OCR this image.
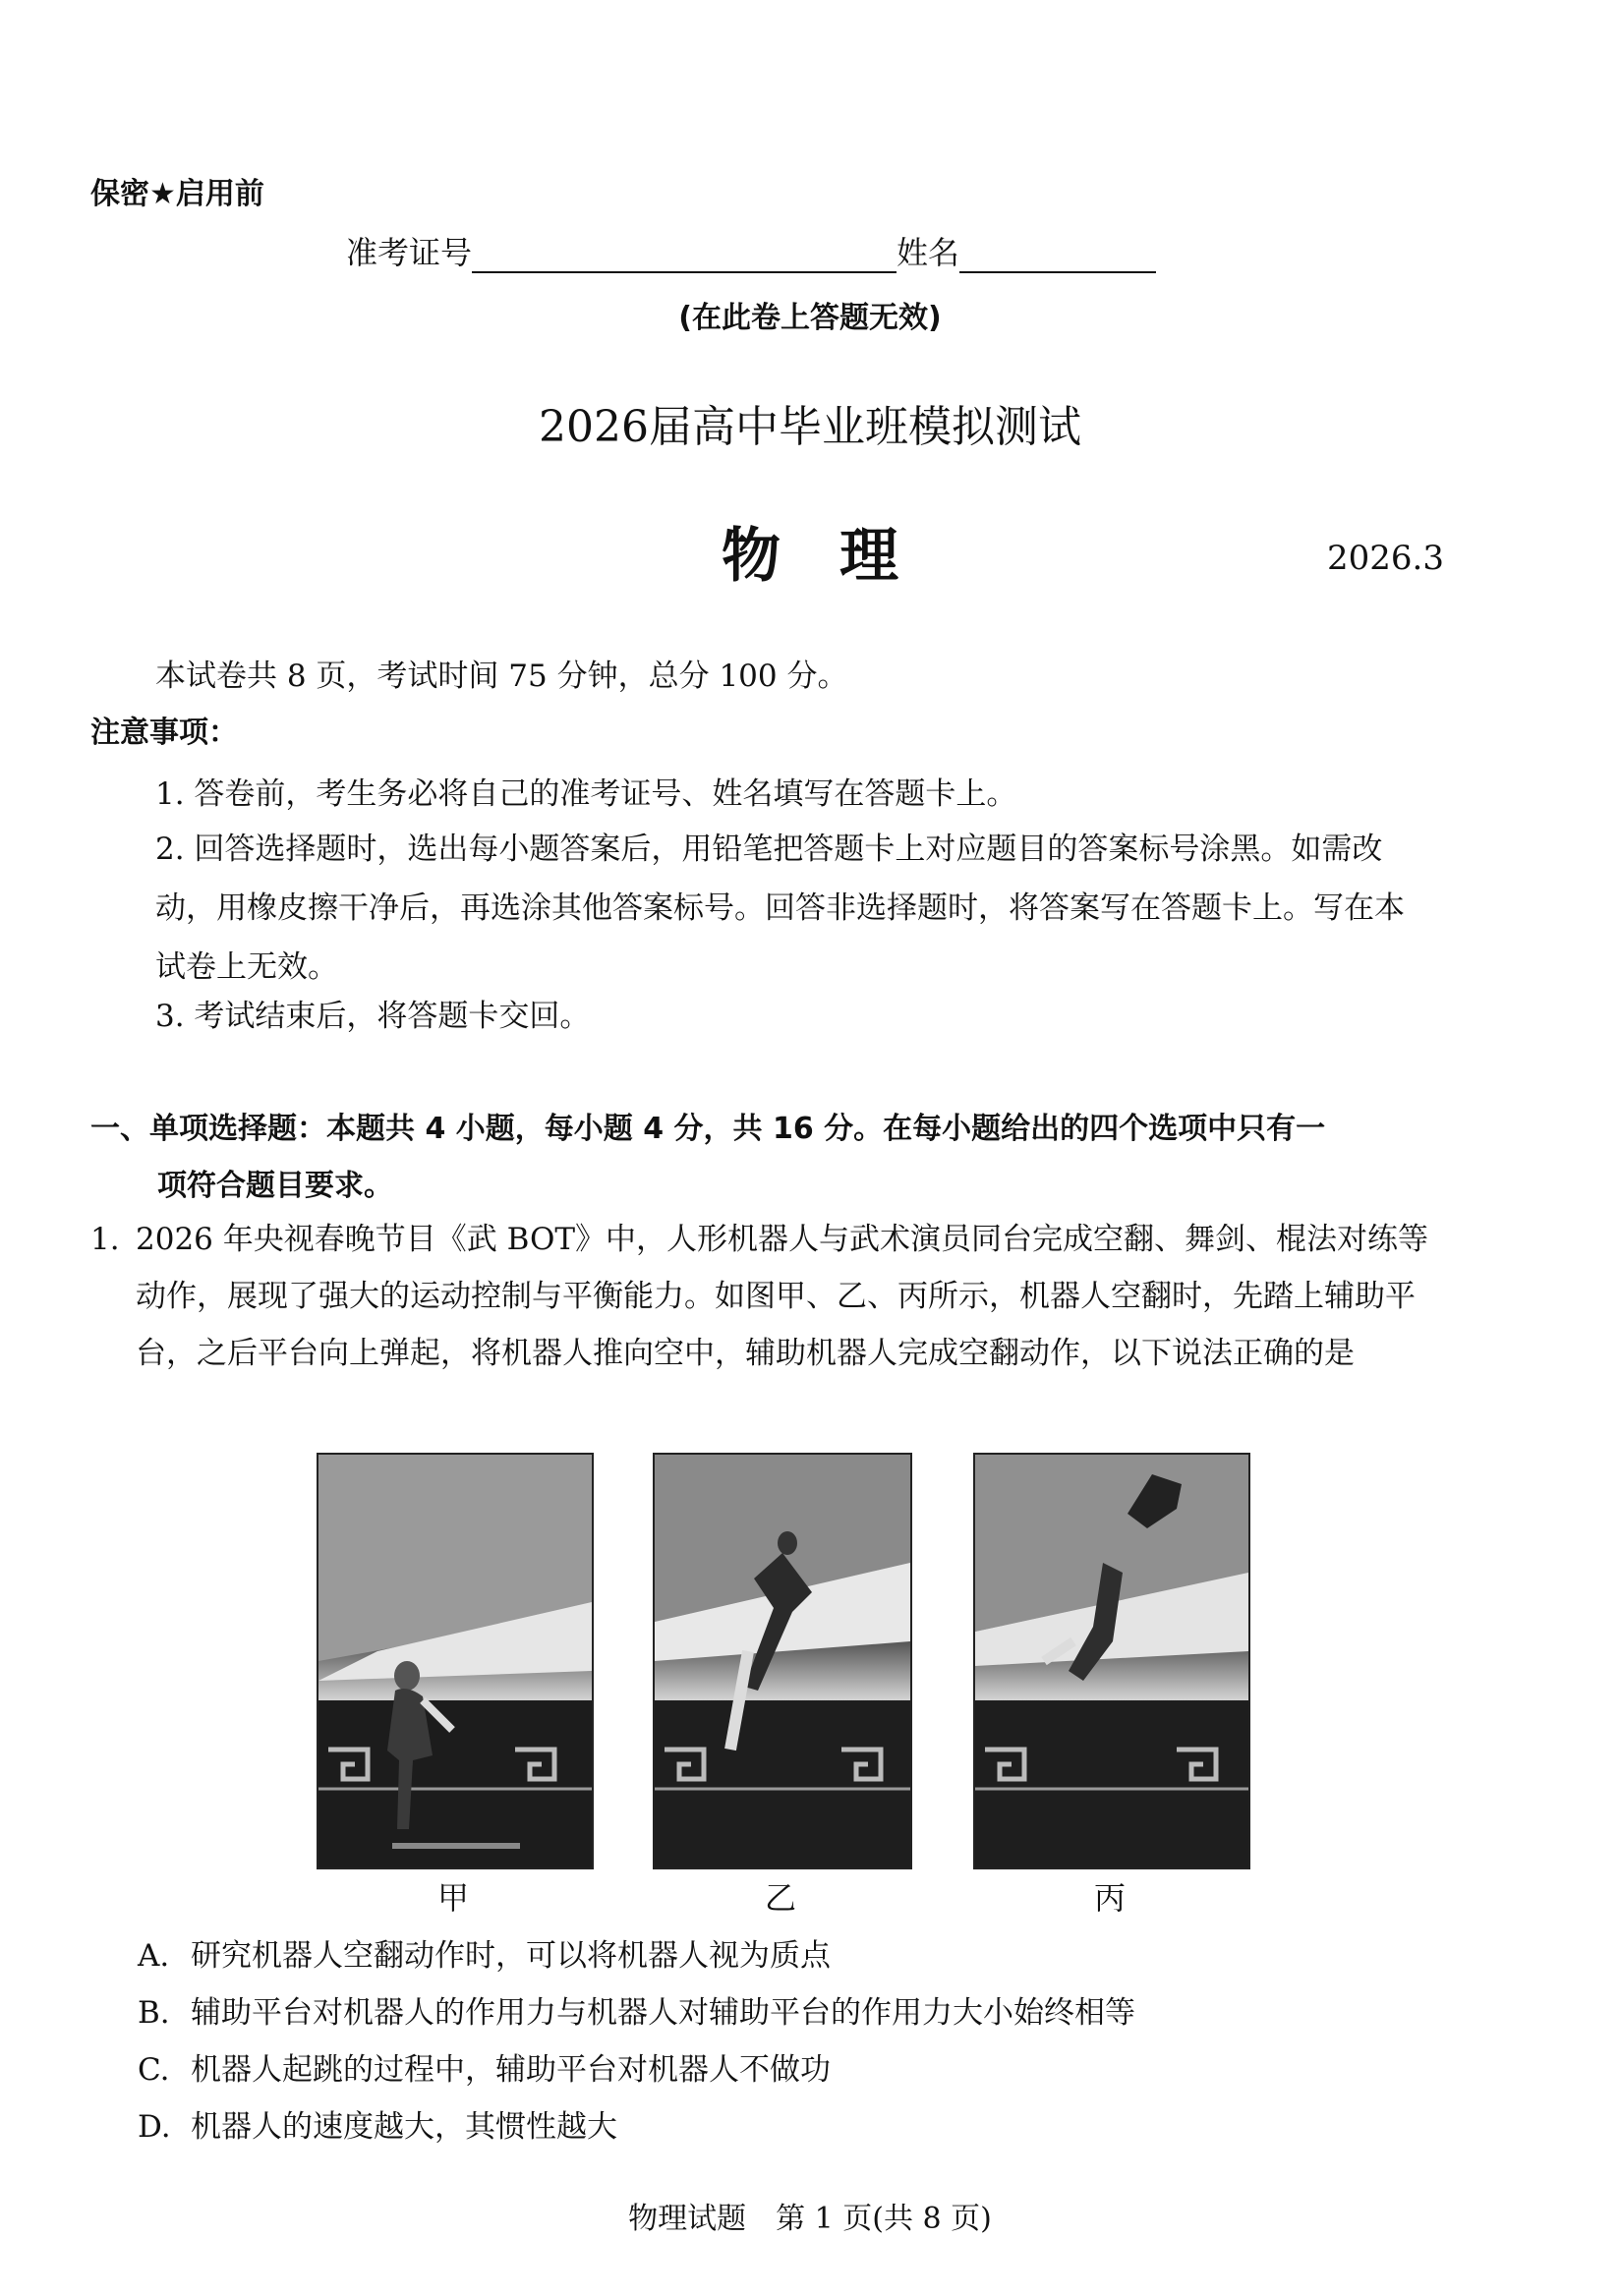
保密★启用前
准考证号	姓名
(在此卷上答题无效)
2026届高中毕业班模拟测试
物　理	2026.3
本试卷共 8 页，考试时间 75 分钟，总分 100 分。
注意事项：
1. 答卷前，考生务必将自己的准考证号、姓名填写在答题卡上。
2. 回答选择题时，选出每小题答案后，用铅笔把答题卡上对应题目的答案标号涂黑。如需改动，用橡皮擦干净后，再选涂其他答案标号。回答非选择题时，将答案写在答题卡上。写在本试卷上无效。
3. 考试结束后，将答题卡交回。
一、单项选择题：本题共 4 小题，每小题 4 分，共 16 分。在每小题给出的四个选项中只有一
项符合题目要求。
1. 2026 年央视春晚节目《武 BOT》中，人形机器人与武术演员同台完成空翻、舞剑、棍法对练等动作，展现了强大的运动控制与平衡能力。如图甲、乙、丙所示，机器人空翻时，先踏上辅助平台，之后平台向上弹起，将机器人推向空中，辅助机器人完成空翻动作，以下说法正确的是
甲	乙	丙
A. 研究机器人空翻动作时，可以将机器人视为质点
B. 辅助平台对机器人的作用力与机器人对辅助平台的作用力大小始终相等
C. 机器人起跳的过程中，辅助平台对机器人不做功
D. 机器人的速度越大，其惯性越大
物理试题　第 1 页(共 8 页)
